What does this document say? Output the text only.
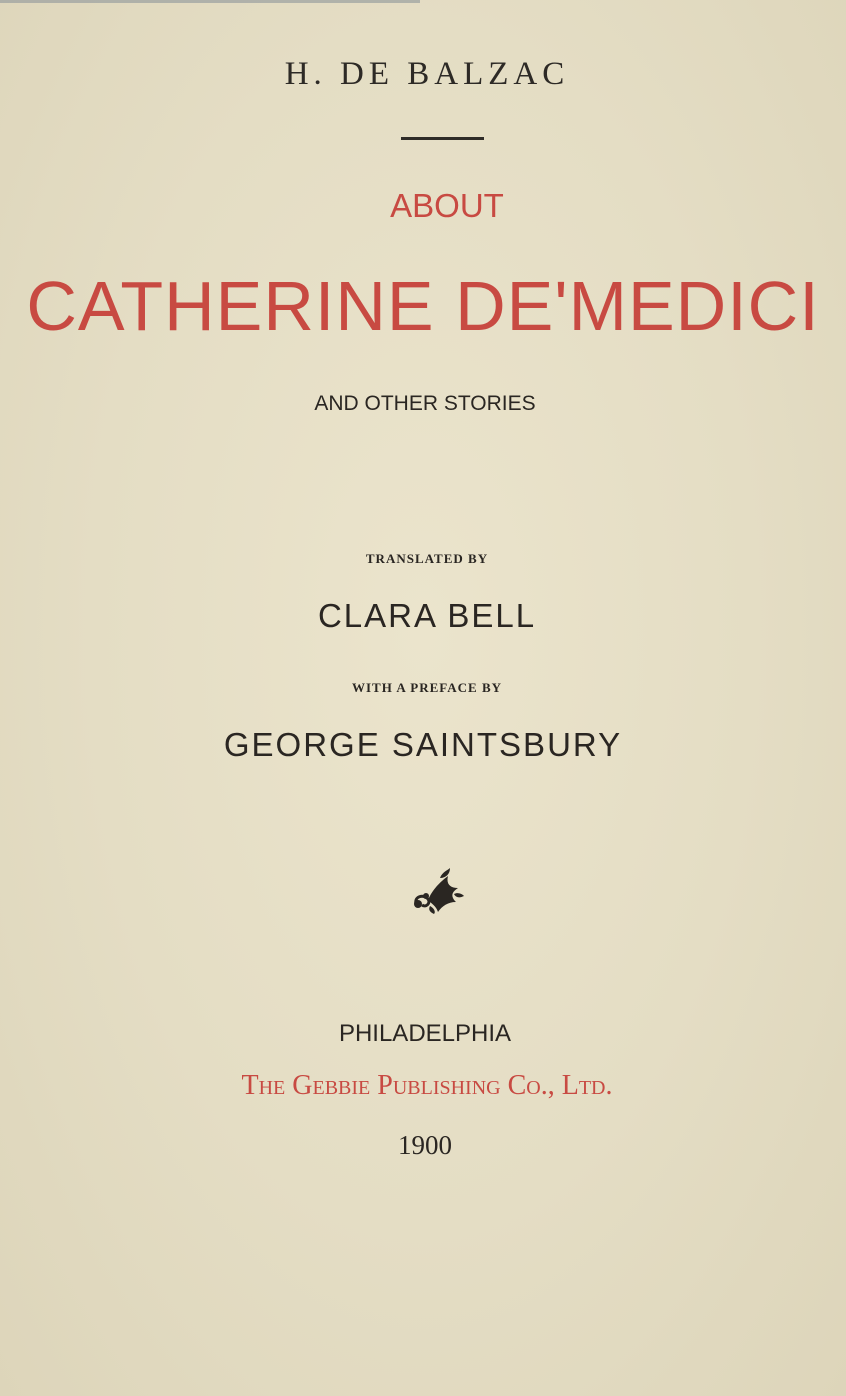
H. DE BALZAC
ABOUT
CATHERINE DE'MEDICI
AND OTHER STORIES
TRANSLATED BY
CLARA BELL
WITH A PREFACE BY
GEORGE SAINTSBURY
PHILADELPHIA
The Gebbie Publishing Co., Ltd.
1900
